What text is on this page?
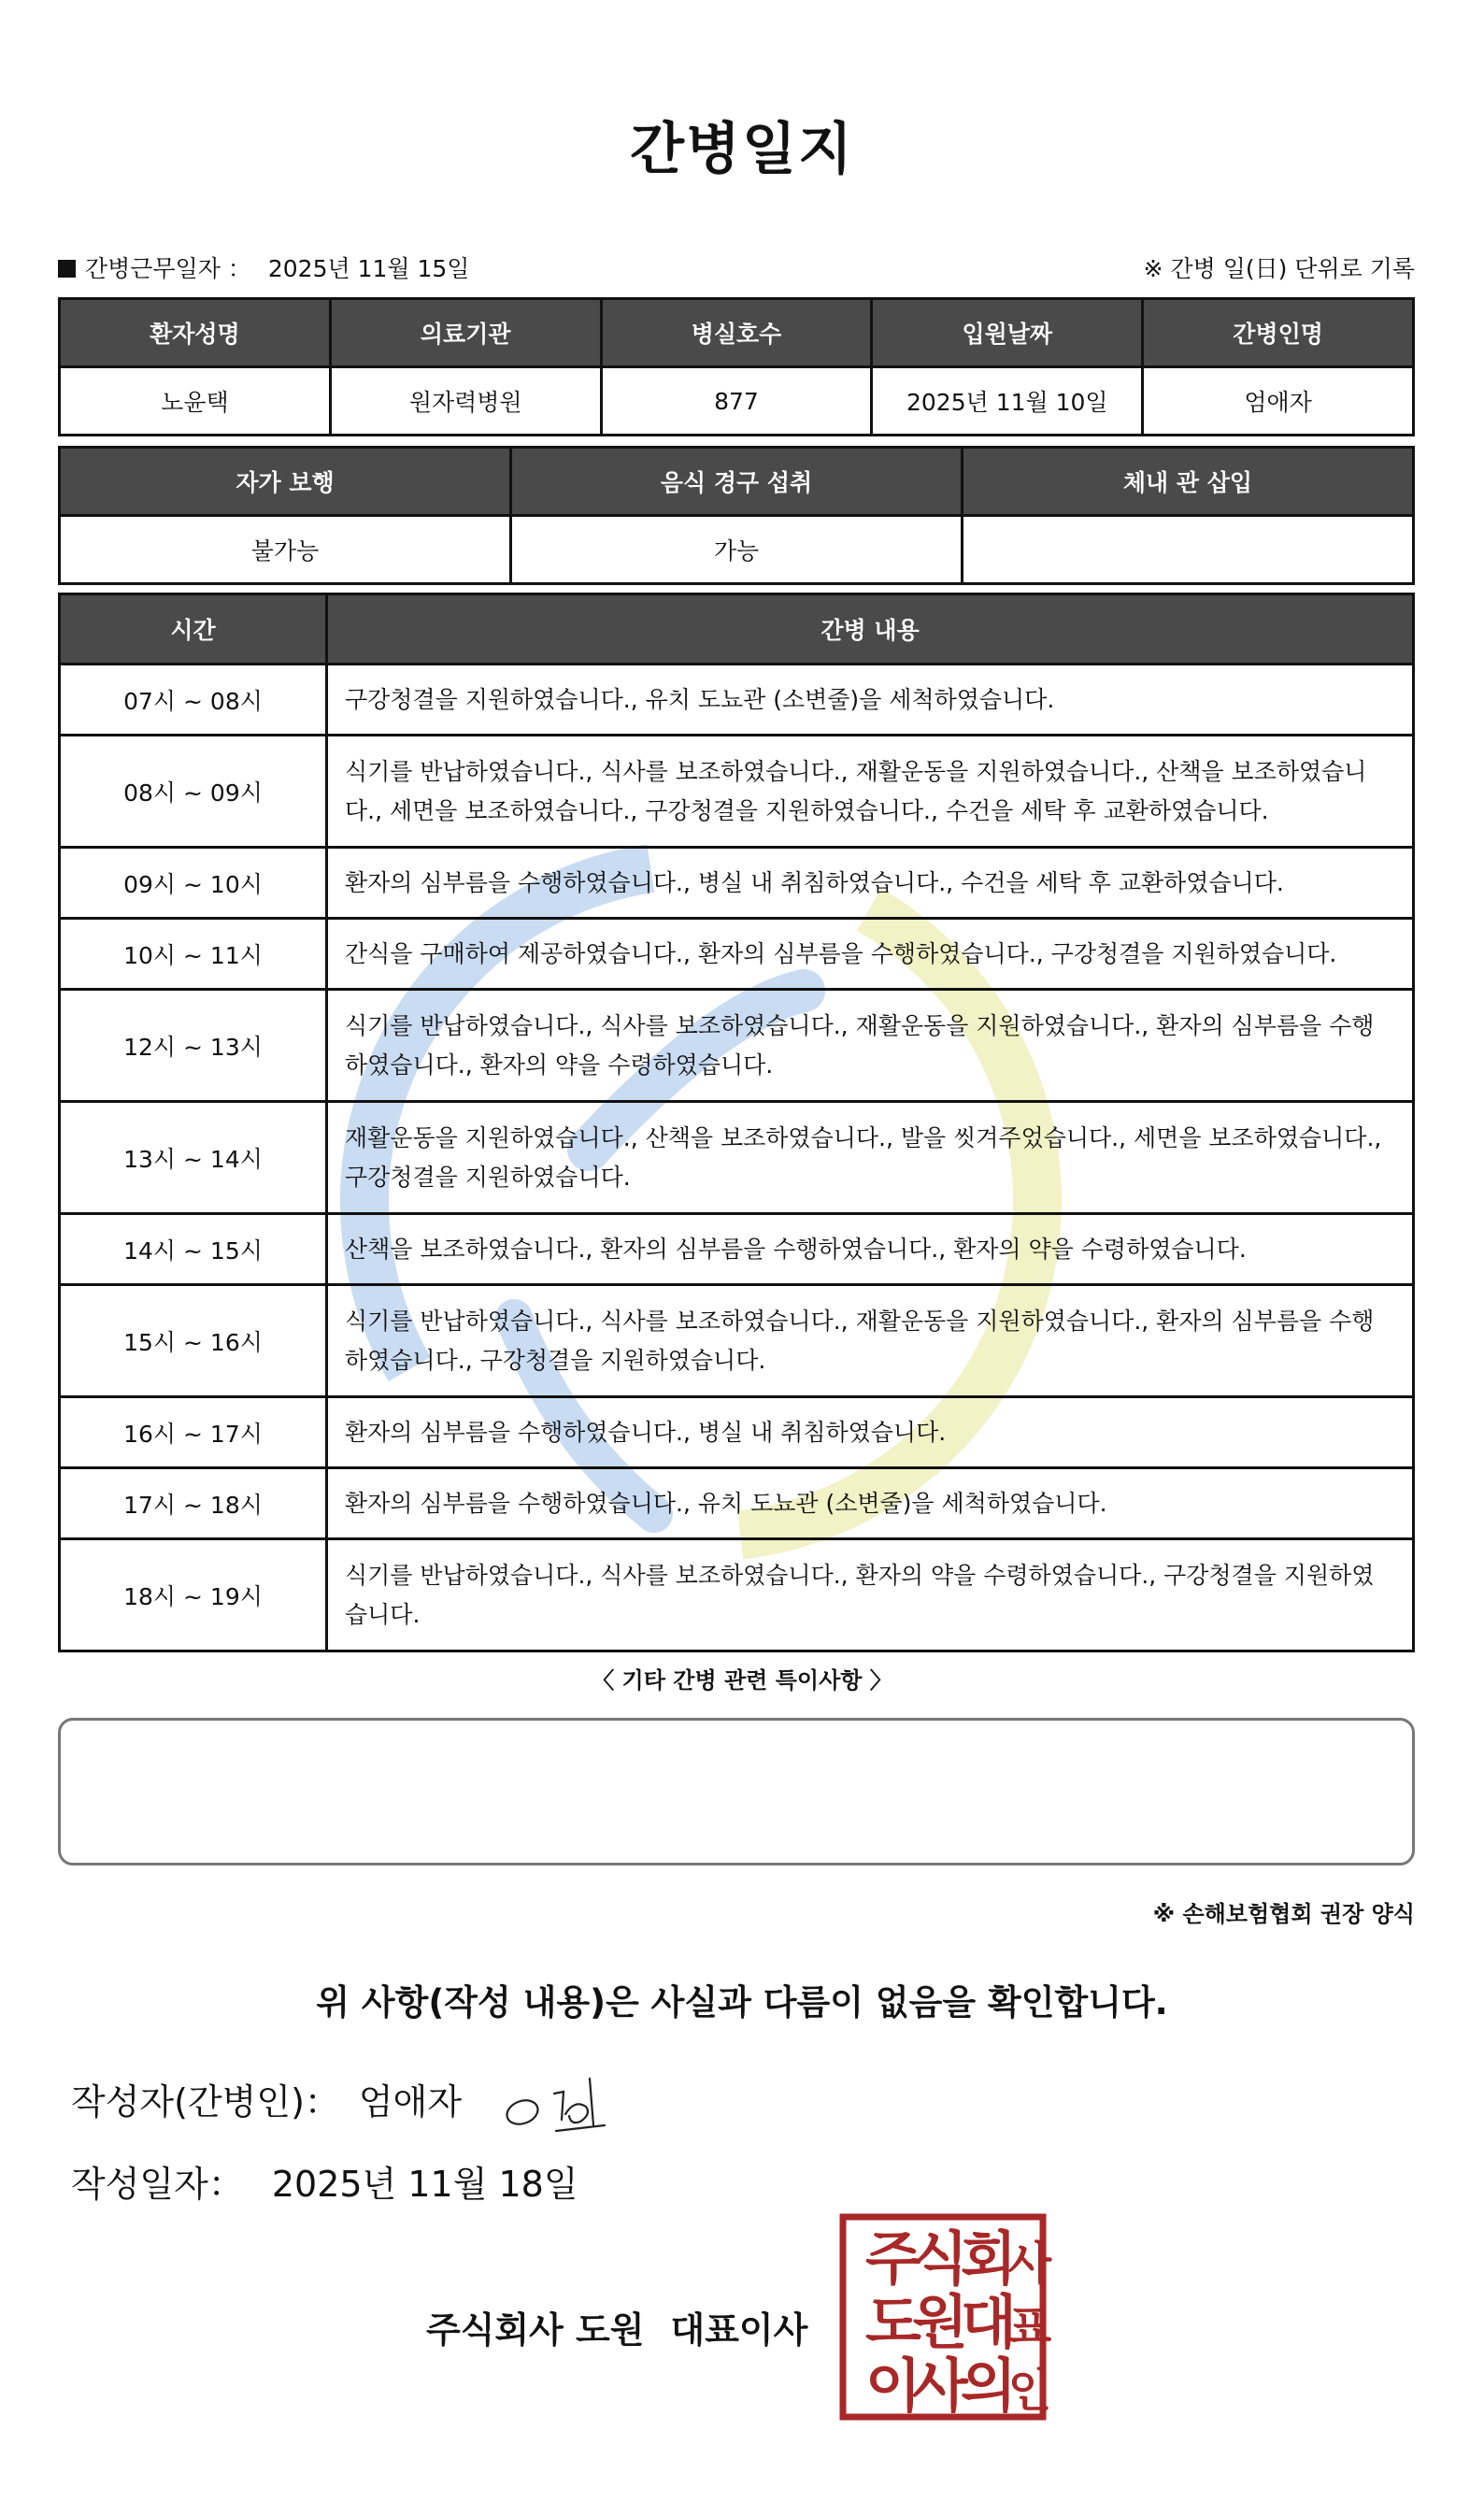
간병일지
간병근무일자 ： 2025년 11월 15일	※ 간병 일(日) 단위로 기록
환자성명	의료기관	병실호수	입원날짜	간병인명
노윤택	원자력병원	877	2025년 11월 10일	엄애자
자가 보행	음식 경구 섭취	체내 관 삽입
불가능	가능	
시간	간병 내용
07시 ~ 08시	구강청결을 지원하였습니다., 유치 도뇨관 (소변줄)을 세척하였습니다.
08시 ~ 09시	식기를 반납하였습니다., 식사를 보조하였습니다., 재활운동을 지원하였습니다., 산책을 보조하였습니다., 세면을 보조하였습니다., 구강청결을 지원하였습니다., 수건을 세탁 후 교환하였습니다.
09시 ~ 10시	환자의 심부름을 수행하였습니다., 병실 내 취침하였습니다., 수건을 세탁 후 교환하였습니다.
10시 ~ 11시	간식을 구매하여 제공하였습니다., 환자의 심부름을 수행하였습니다., 구강청결을 지원하였습니다.
12시 ~ 13시	식기를 반납하였습니다., 식사를 보조하였습니다., 재활운동을 지원하였습니다., 환자의 심부름을 수행하였습니다., 환자의 약을 수령하였습니다.
13시 ~ 14시	재활운동을 지원하였습니다., 산책을 보조하였습니다., 발을 씻겨주었습니다., 세면을 보조하였습니다., 구강청결을 지원하였습니다.
14시 ~ 15시	산책을 보조하였습니다., 환자의 심부름을 수행하였습니다., 환자의 약을 수령하였습니다.
15시 ~ 16시	식기를 반납하였습니다., 식사를 보조하였습니다., 재활운동을 지원하였습니다., 환자의 심부름을 수행하였습니다., 구강청결을 지원하였습니다.
16시 ~ 17시	환자의 심부름을 수행하였습니다., 병실 내 취침하였습니다.
17시 ~ 18시	환자의 심부름을 수행하였습니다., 유치 도뇨관 (소변줄)을 세척하였습니다.
18시 ~ 19시	식기를 반납하였습니다., 식사를 보조하였습니다., 환자의 약을 수령하였습니다., 구강청결을 지원하였습니다.
〈 기타 간병 관련 특이사항 〉
※ 손해보험협회 권장 양식
위 사항(작성 내용)은 사실과 다름이 없음을 확인합니다.
작성자(간병인)： 엄애자
작성일자： 2025년 11월 18일
주식회사 도원 대표이사
주
식
회
사
도
원
대
표
이
사
의
인
